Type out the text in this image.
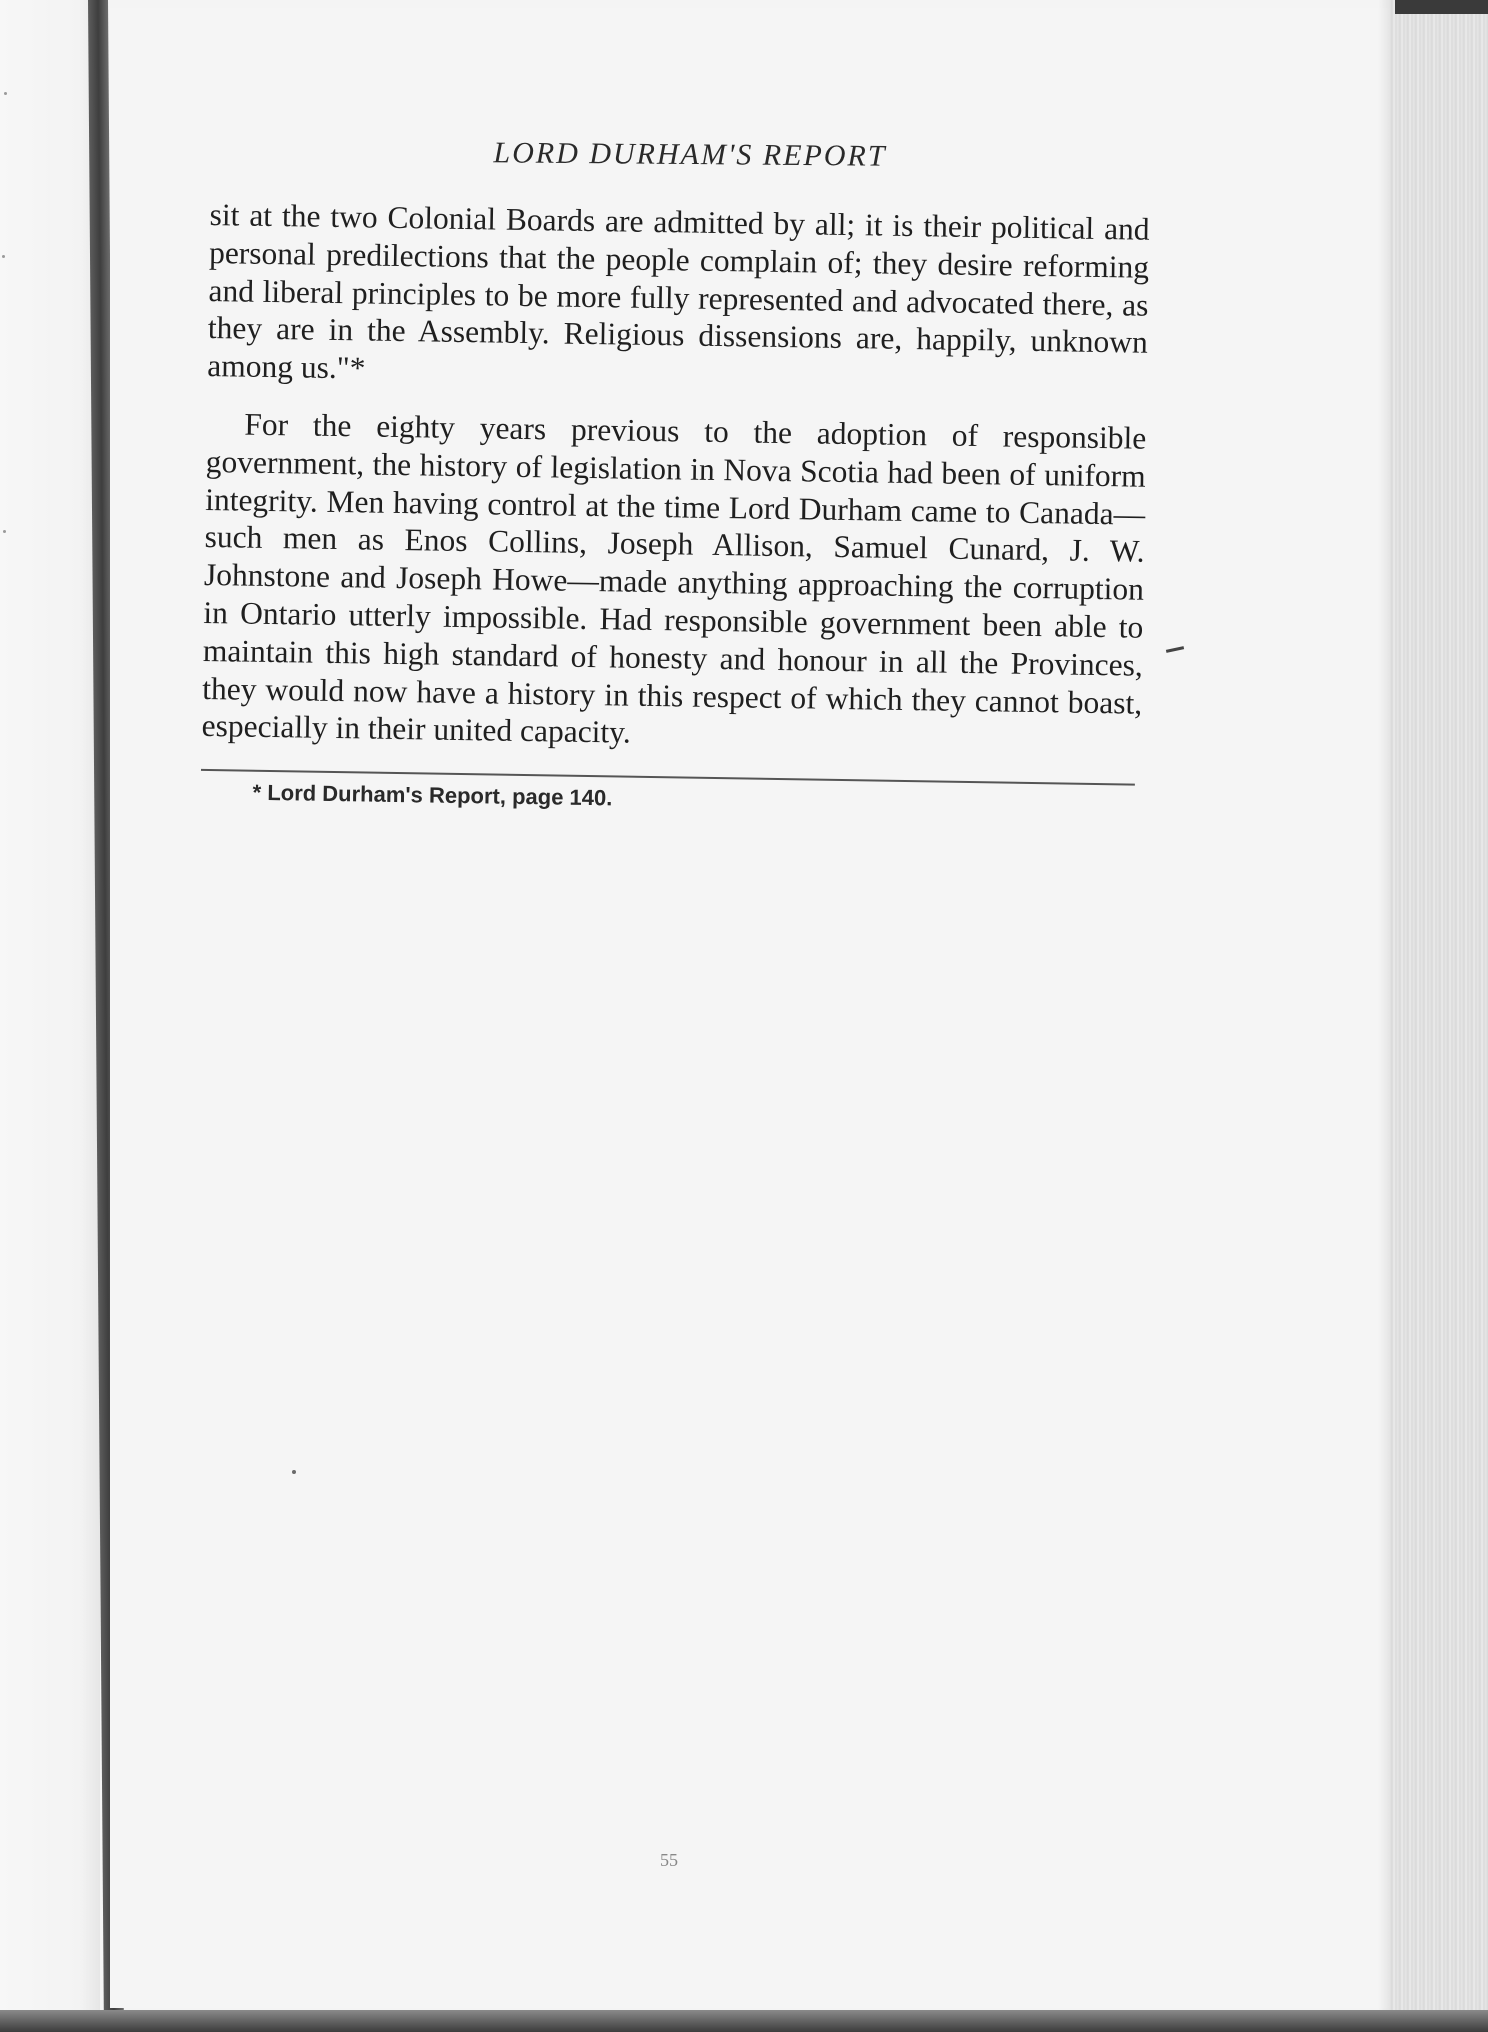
LORD DURHAM'S REPORT

sit at the two Colonial Boards are admitted by all; it is their political and personal predilections that the people complain of; they desire reforming and liberal principles to be more fully represented and advocated there, as they are in the Assembly. Religious dissensions are, happily, unknown among us."*

For the eighty years previous to the adoption of responsible government, the history of legislation in Nova Scotia had been of uniform integrity. Men having control at the time Lord Durham came to Canada—such men as Enos Collins, Joseph Allison, Samuel Cunard, J. W. Johnstone and Joseph Howe—made anything approaching the corruption in Ontario utterly impossible. Had responsible government been able to maintain this high standard of honesty and honour in all the Provinces, they would now have a history in this respect of which they cannot boast, especially in their united capacity.

* Lord Durham's Report, page 140.
55
